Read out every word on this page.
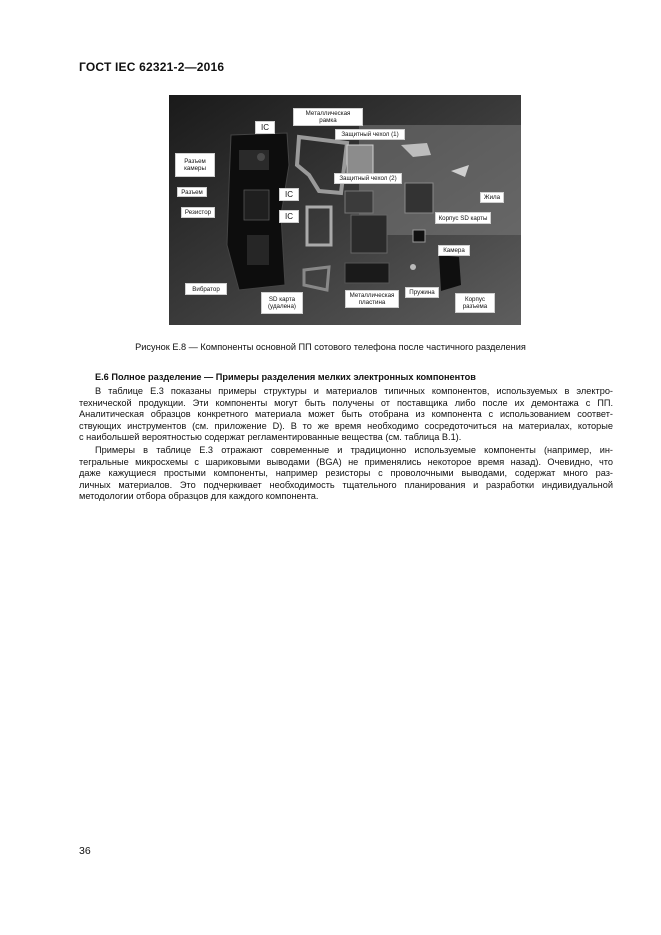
ГОСТ IEC 62321-2—2016
Металлическая
рамка
IC
Разъем
камеры
Защитный чехол (1)
Защитный чехол (2)
Разъем	IC
Резистор	IC
Жила
Корпус SD карты
Камера
Вибратор
SD карта
(удалена)
Металлическая
пластина
Пружина
Корпус
разъема
Рисунок Е.8 — Компоненты основной ПП сотового телефона после частичного разделения
Е.6 Полное разделение — Примеры разделения мелких электронных компонентов
В таблице Е.3 показаны примеры структуры и материалов типичных компонентов, используемых в электро-
технической продукции. Эти компоненты могут быть получены от поставщика либо после их демонтажа с ПП.
Аналитическая образцов конкретного материала может быть отобрана из компонента с использованием соответ-
ствующих инструментов (см. приложение D). В то же время необходимо сосредоточиться на материалах, которые
с наибольшей вероятностью содержат регламентированные вещества (см. таблица В.1).
Примеры в таблице Е.3 отражают современные и традиционно используемые компоненты (например, ин-
тегральные микросхемы с шариковыми выводами (BGA) не применялись некоторое время назад). Очевидно, что
даже кажущиеся простыми компоненты, например резисторы с проволочными выводами, содержат много раз-
личных материалов. Это подчеркивает необходимость тщательного планирования и разработки индивидуальной
методологии отбора образцов для каждого компонента.
36
